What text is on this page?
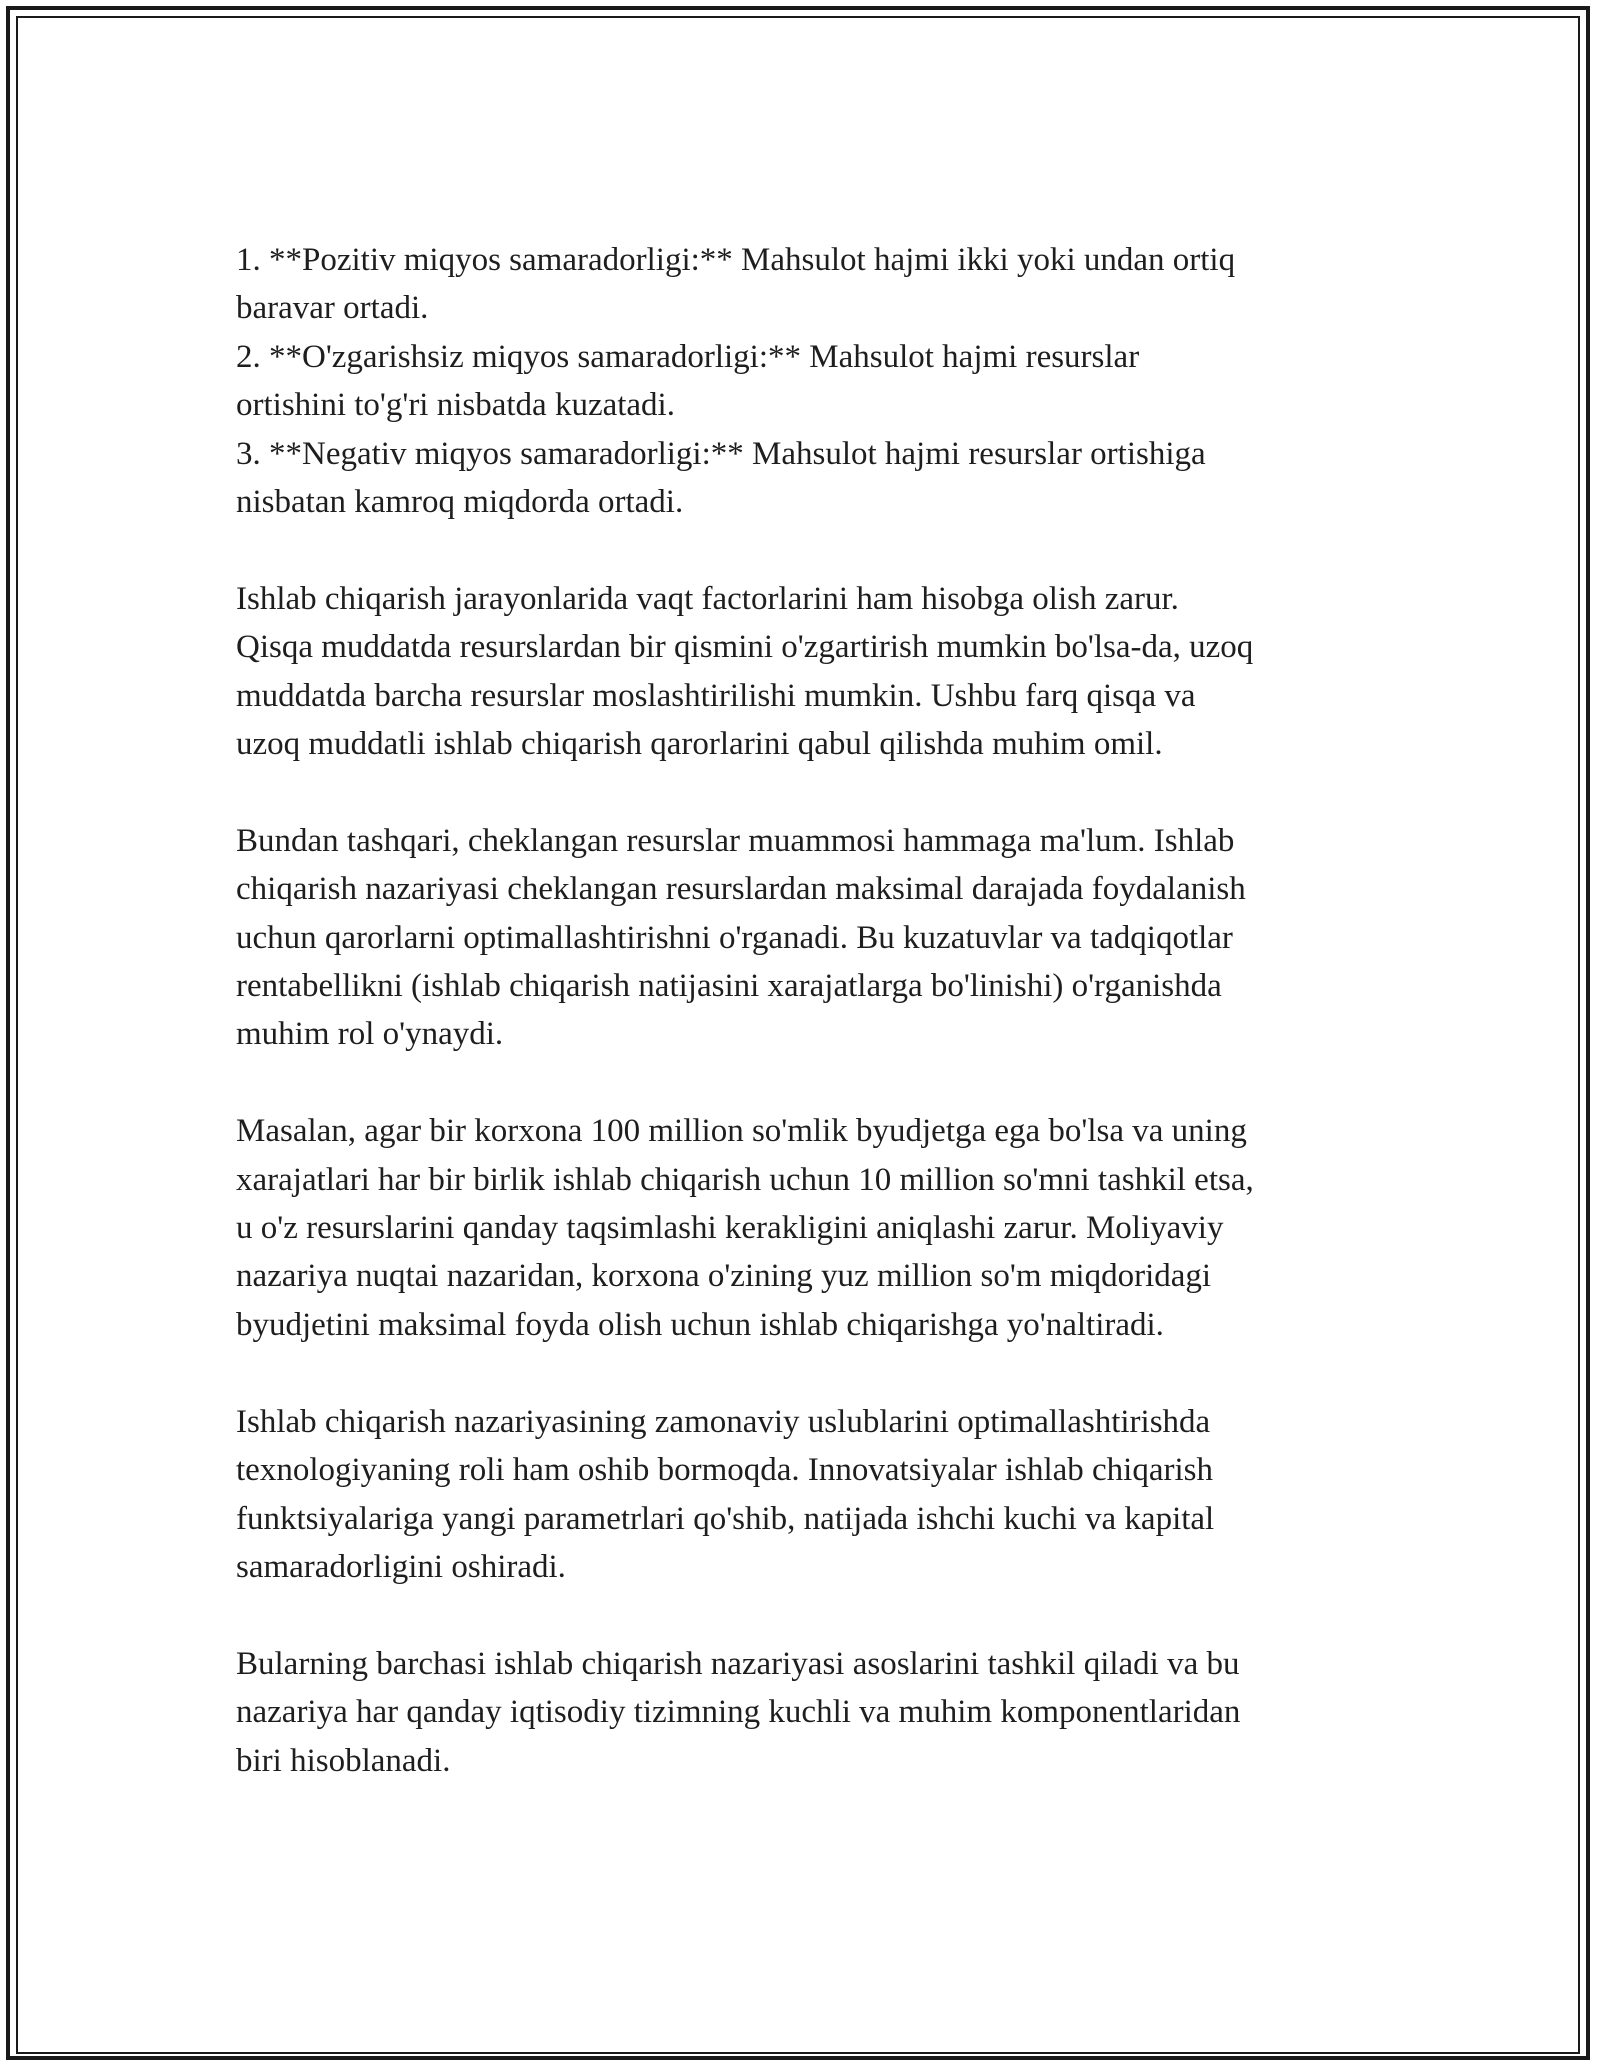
1. **Pozitiv miqyos samaradorligi:** Mahsulot hajmi ikki yoki undan ortiq
baravar ortadi.
2. **O'zgarishsiz miqyos samaradorligi:** Mahsulot hajmi resurslar
ortishini to'g'ri nisbatda kuzatadi.
3. **Negativ miqyos samaradorligi:** Mahsulot hajmi resurslar ortishiga
nisbatan kamroq miqdorda ortadi.
Ishlab chiqarish jarayonlarida vaqt factorlarini ham hisobga olish zarur.
Qisqa muddatda resurslardan bir qismini o'zgartirish mumkin bo'lsa-da, uzoq
muddatda barcha resurslar moslashtirilishi mumkin. Ushbu farq qisqa va
uzoq muddatli ishlab chiqarish qarorlarini qabul qilishda muhim omil.
Bundan tashqari, cheklangan resurslar muammosi hammaga ma'lum. Ishlab
chiqarish nazariyasi cheklangan resurslardan maksimal darajada foydalanish
uchun qarorlarni optimallashtirishni o'rganadi. Bu kuzatuvlar va tadqiqotlar
rentabellikni (ishlab chiqarish natijasini xarajatlarga bo'linishi) o'rganishda
muhim rol o'ynaydi.
Masalan, agar bir korxona 100 million so'mlik byudjetga ega bo'lsa va uning
xarajatlari har bir birlik ishlab chiqarish uchun 10 million so'mni tashkil etsa,
u o'z resurslarini qanday taqsimlashi kerakligini aniqlashi zarur. Moliyaviy
nazariya nuqtai nazaridan, korxona o'zining yuz million so'm miqdoridagi
byudjetini maksimal foyda olish uchun ishlab chiqarishga yo'naltiradi.
Ishlab chiqarish nazariyasining zamonaviy uslublarini optimallashtirishda
texnologiyaning roli ham oshib bormoqda. Innovatsiyalar ishlab chiqarish
funktsiyalariga yangi parametrlari qo'shib, natijada ishchi kuchi va kapital
samaradorligini oshiradi.
Bularning barchasi ishlab chiqarish nazariyasi asoslarini tashkil qiladi va bu
nazariya har qanday iqtisodiy tizimning kuchli va muhim komponentlaridan
biri hisoblanadi.
